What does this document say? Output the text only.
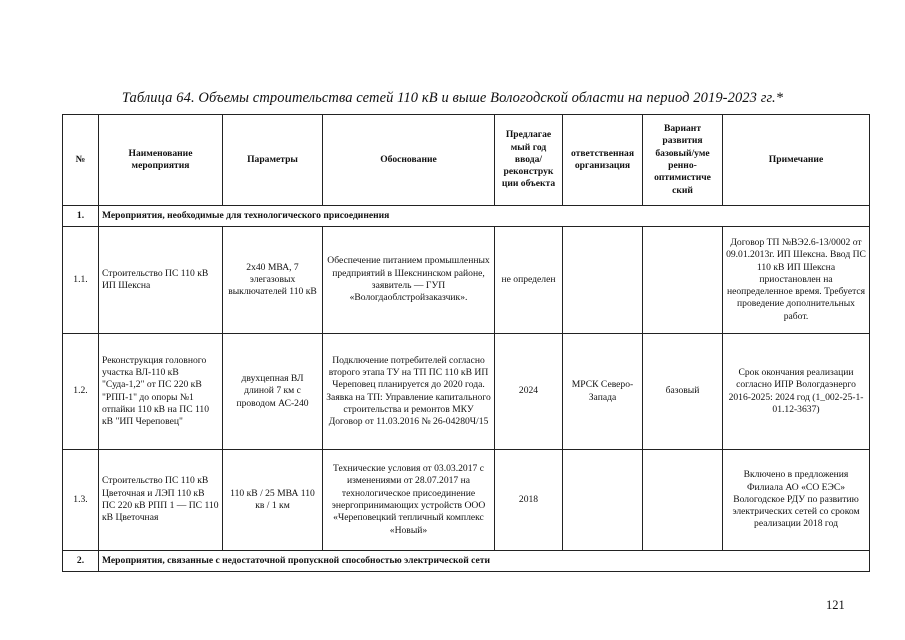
Таблица 64. Объемы строительства сетей 110 кВ и выше Вологодской области на период 2019-2023 гг.*
№	Наименование мероприятия	Параметры	Обоснование	Предлагае мый год ввода/ реконструк ции объекта	ответственная организация	Вариант развития базовый/уме ренно-оптимистиче ский	Примечание
1.	Мероприятия, необходимые для технологического присоединения						
1.1.	Строительство ПС 110 кВ ИП Шексна	2х40 МВА, 7 элегазовых выключателей 110 кВ	Обеспечение питанием промышленных предприятий в Шекснинском районе, заявитель — ГУП «Вологдаоблстройзаказчик».	не определен			Договор ТП №ВЭ2.6-13/0002 от 09.01.2013г. ИП Шексна. Ввод ПС 110 кВ ИП Шексна приостановлен на неопределенное время. Требуется проведение дополнительных работ.
1.2.	Реконструкция головного участка ВЛ-110 кВ "Суда-1,2" от ПС 220 кВ "РПП-1" до опоры №1 отпайки 110 кВ на ПС 110 кВ "ИП Череповец"	двухцепная ВЛ длиной 7 км с проводом АС-240	Подключение потребителей согласно второго этапа ТУ на ТП ПС 110 кВ ИП Череповец планируется до 2020 года. Заявка на ТП: Управление капитального строительства и ремонтов МКУ Договор от 11.03.2016 № 26-04280Ч/15	2024	МРСК Северо-Запада	базовый	Срок окончания реализации согласно ИПР Вологдаэнерго 2016-2025: 2024 год (1_002-25-1-01.12-3637)
1.3.	Строительство ПС 110 кВ Цветочная и ЛЭП 110 кВ ПС 220 кВ РПП 1 — ПС 110 кВ Цветочная	110 кВ / 25 МВА 110 кв / 1 км	Технические условия от 03.03.2017 с изменениями от 28.07.2017 на технологическое присоединение энергопринимающих устройств ООО «Череповецкий тепличный комплекс «Новый»	2018			Включено в предложения Филиала АО «СО ЕЭС» Вологодское РДУ по развитию электрических сетей со сроком реализации 2018 год
2.	Мероприятия, связанные с недостаточной пропускной способностью электрической сети						
121
